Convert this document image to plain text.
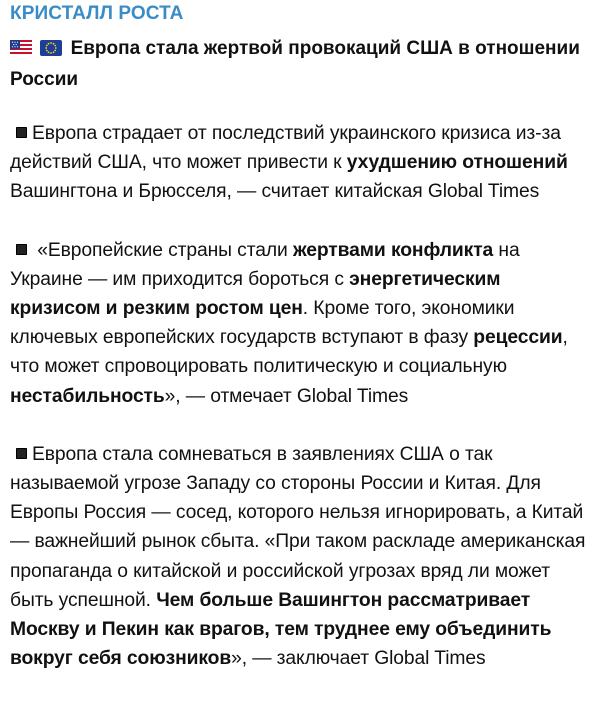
КРИСТАЛЛ РОСТА
Европа стала жертвой провокаций США в отношении России
Европа страдает от последствий украинского кризиса из-за действий США, что может привести к ухудшению отношений Вашингтона и Брюсселя, — считает китайская Global Times
«Европейские страны стали жертвами конфликта на Украине — им приходится бороться с энергетическим кризисом и резким ростом цен. Кроме того, экономики ключевых европейских государств вступают в фазу рецессии, что может спровоцировать политическую и социальную нестабильность», — отмечает Global Times
Европа стала сомневаться в заявлениях США о так называемой угрозе Западу со стороны России и Китая. Для Европы Россия — сосед, которого нельзя игнорировать, а Китай — важнейший рынок сбыта. «При таком раскладе американская пропаганда о китайской и российской угрозах вряд ли может быть успешной. Чем больше Вашингтон рассматривает Москву и Пекин как врагов, тем труднее ему объединить вокруг себя союзников», — заключает Global Times
